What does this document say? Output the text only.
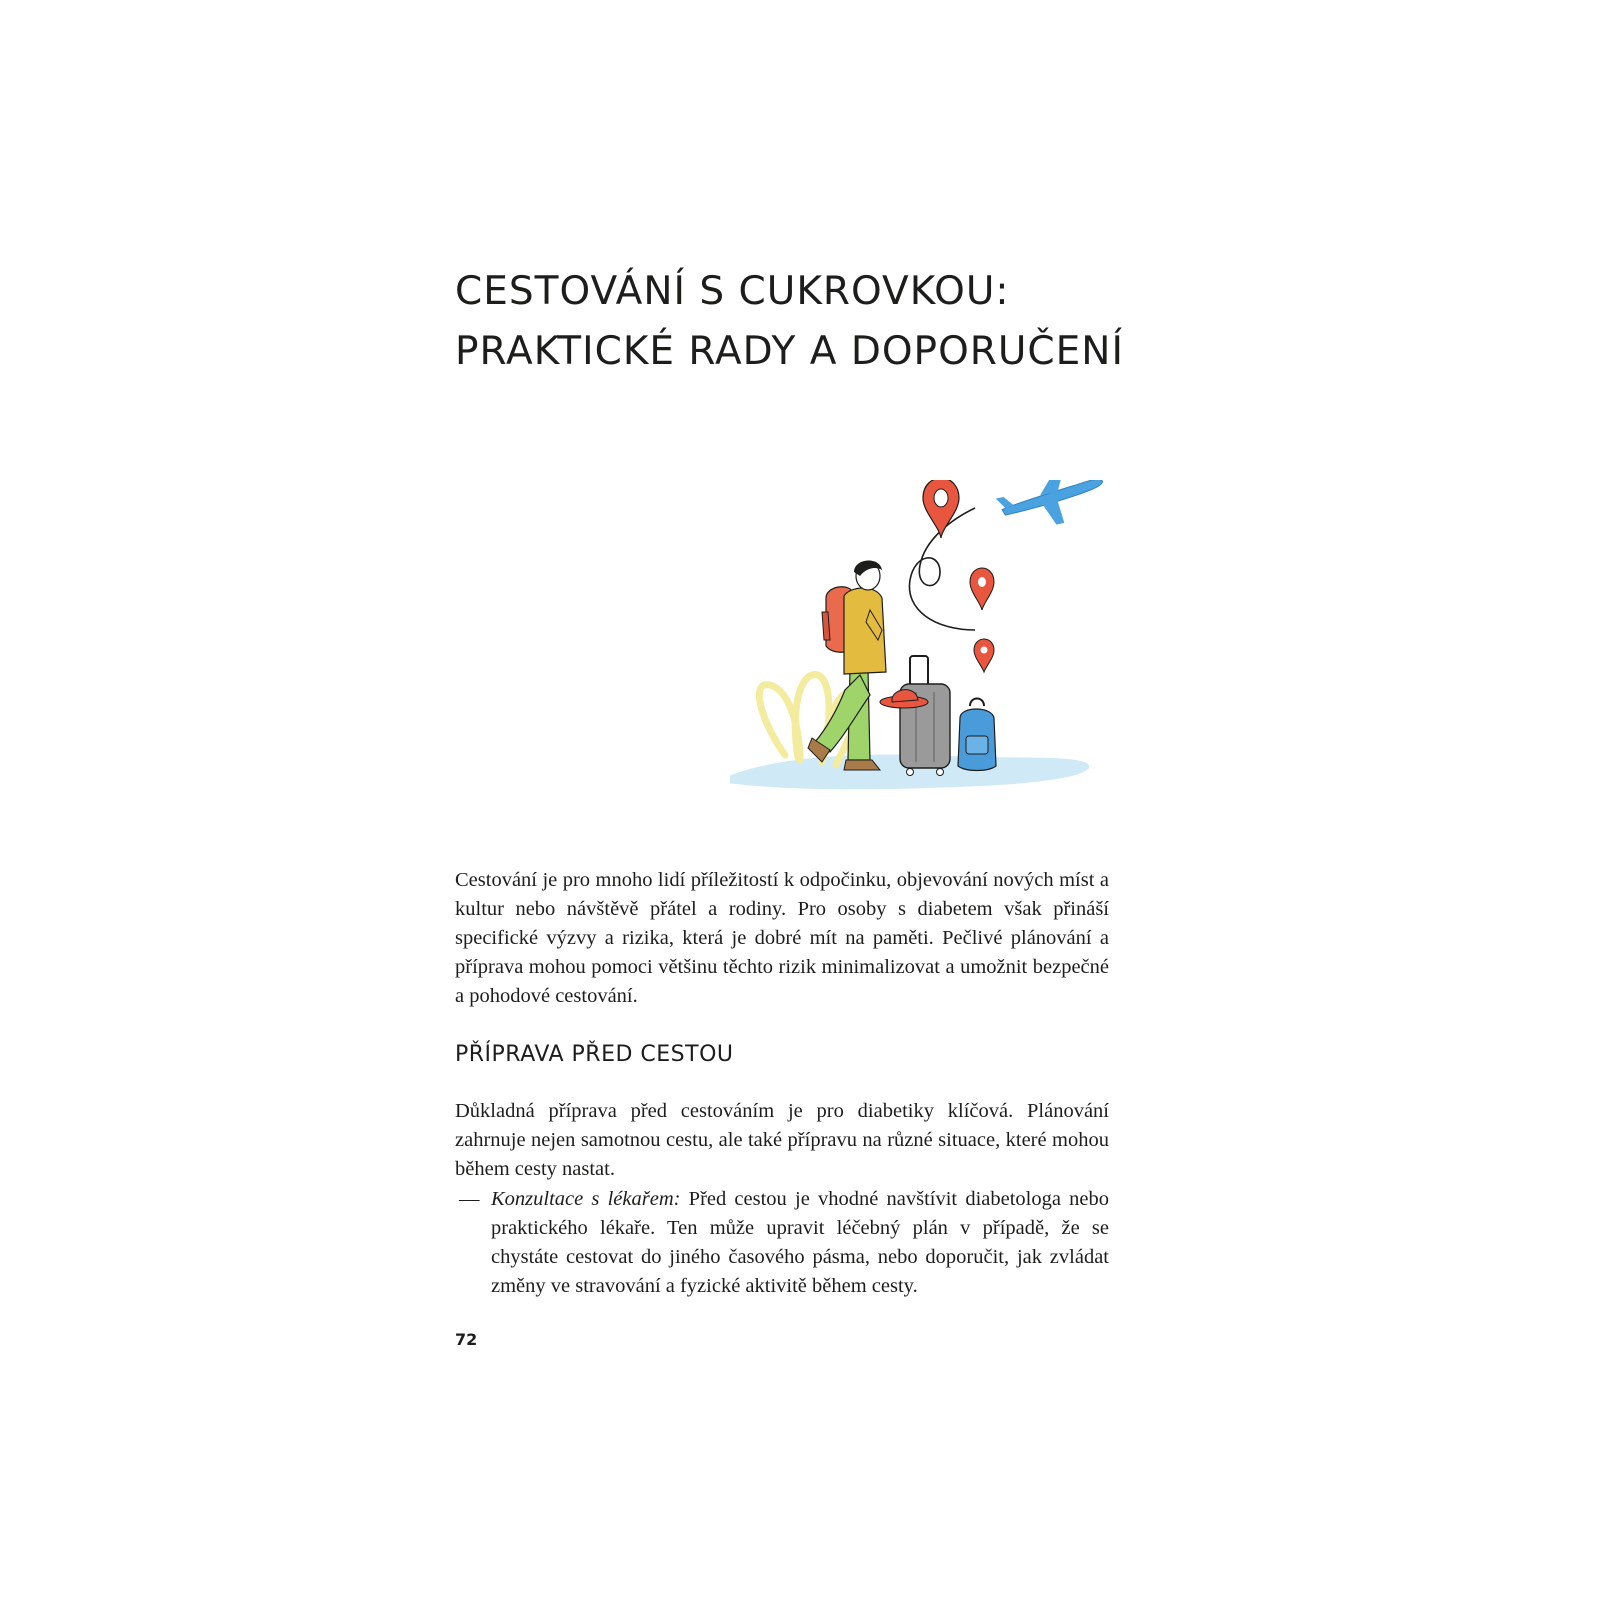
CESTOVÁNÍ S CUKROVKOU:
PRAKTICKÉ RADY A DOPORUČENÍ

Cestování je pro mnoho lidí příležitostí k odpočinku, objevování nových míst a kultur nebo návštěvě přátel a rodiny. Pro osoby s diabetem však přináší specifické výzvy a rizika, která je dobré mít na paměti. Pečlivé plánování a příprava mohou pomoci většinu těchto rizik minimalizovat a umožnit bezpečné a pohodové cestování.

PŘÍPRAVA PŘED CESTOU

Důkladná příprava před cestováním je pro diabetiky klíčová. Plánování zahrnuje nejen samotnou cestu, ale také přípravu na různé situace, které mohou během cesty nastat.

— Konzultace s lékařem: Před cestou je vhodné navštívit diabetologa nebo praktického lékaře. Ten může upravit léčebný plán v případě, že se chystáte cestovat do jiného časového pásma, nebo doporučit, jak zvládat změny ve stravování a fyzické aktivitě během cesty.

72
